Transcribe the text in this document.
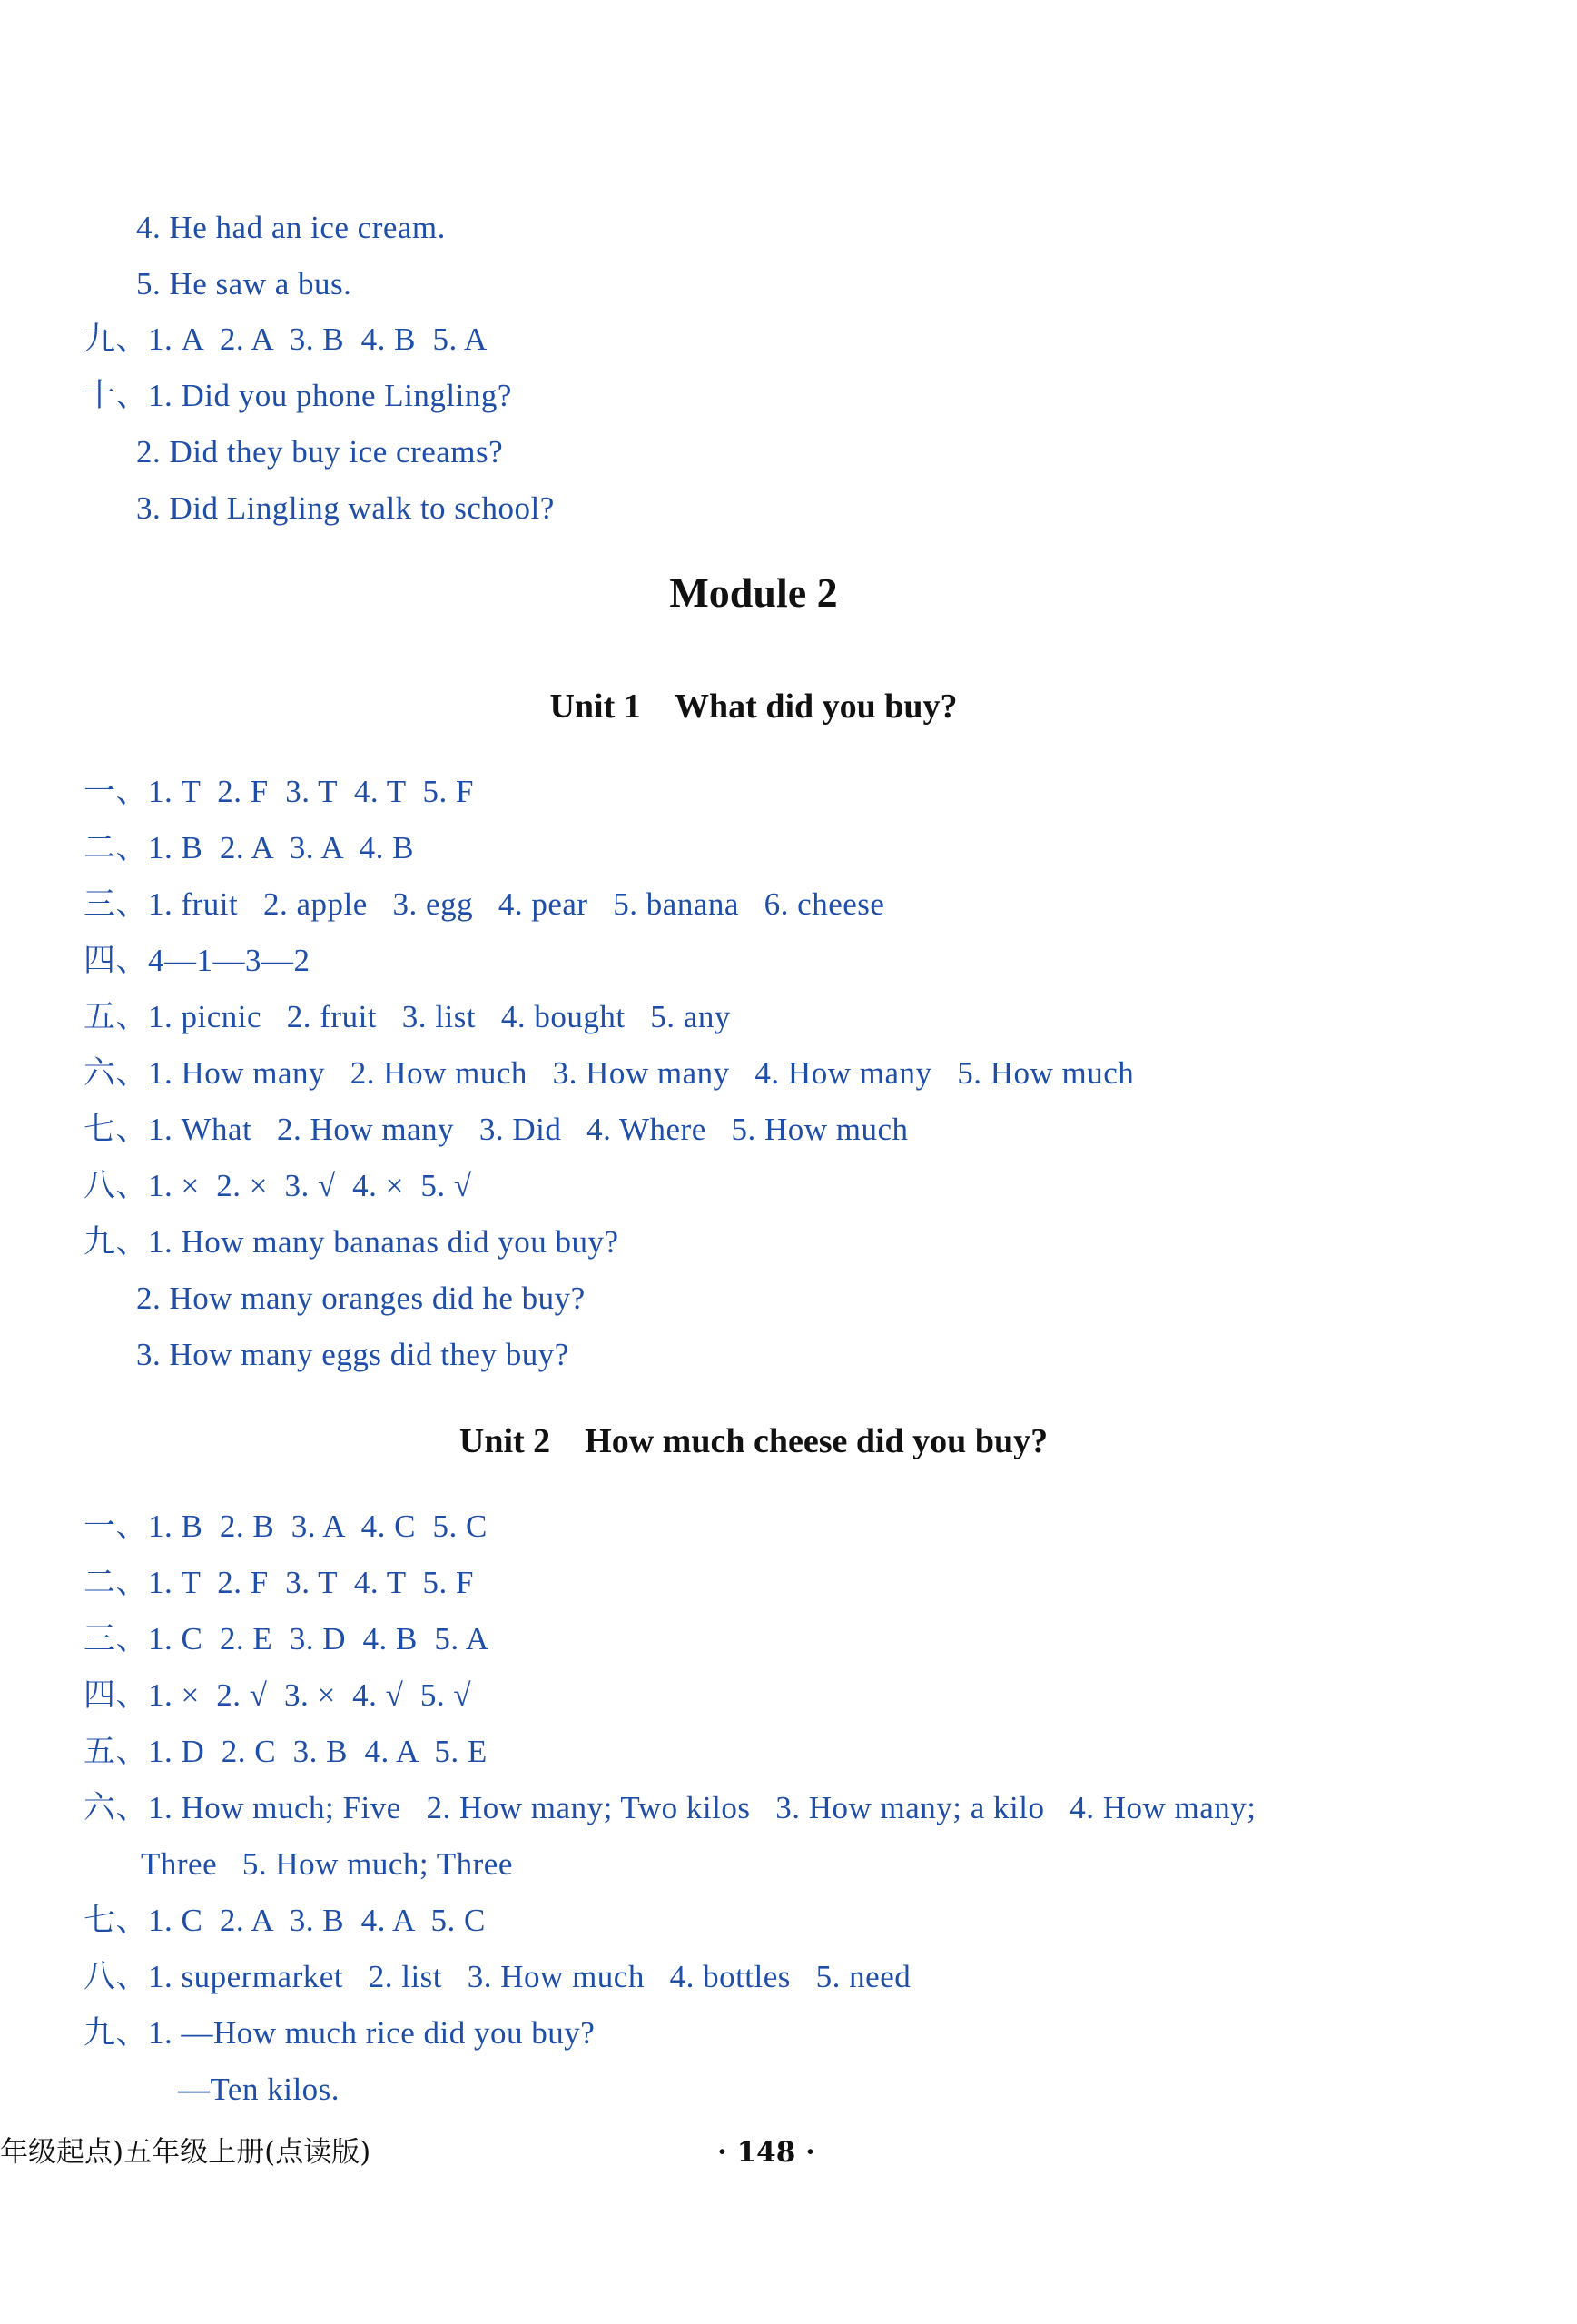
4. He had an ice cream.
5. He saw a bus.
九、1. A  2. A  3. B  4. B  5. A
十、1. Did you phone Lingling?
2. Did they buy ice creams?
3. Did Lingling walk to school?
Module 2
Unit 1    What did you buy?
一、1. T  2. F  3. T  4. T  5. F
二、1. B  2. A  3. A  4. B
三、1. fruit   2. apple   3. egg   4. pear   5. banana   6. cheese
四、4—1—3—2
五、1. picnic   2. fruit   3. list   4. bought   5. any
六、1. How many   2. How much   3. How many   4. How many   5. How much
七、1. What   2. How many   3. Did   4. Where   5. How much
八、1. ×  2. ×  3. √  4. ×  5. √
九、1. How many bananas did you buy?
2. How many oranges did he buy?
3. How many eggs did they buy?
Unit 2    How much cheese did you buy?
一、1. B  2. B  3. A  4. C  5. C
二、1. T  2. F  3. T  4. T  5. F
三、1. C  2. E  3. D  4. B  5. A
四、1. ×  2. √  3. ×  4. √  5. √
五、1. D  2. C  3. B  4. A  5. E
六、1. How much; Five   2. How many; Two kilos   3. How many; a kilo   4. How many;
Three   5. How much; Three
七、1. C  2. A  3. B  4. A  5. C
八、1. supermarket   2. list   3. How much   4. bottles   5. need
九、1. —How much rice did you buy?
—Ten kilos.
年级起点)五年级上册(点读版)	· 148 ·
